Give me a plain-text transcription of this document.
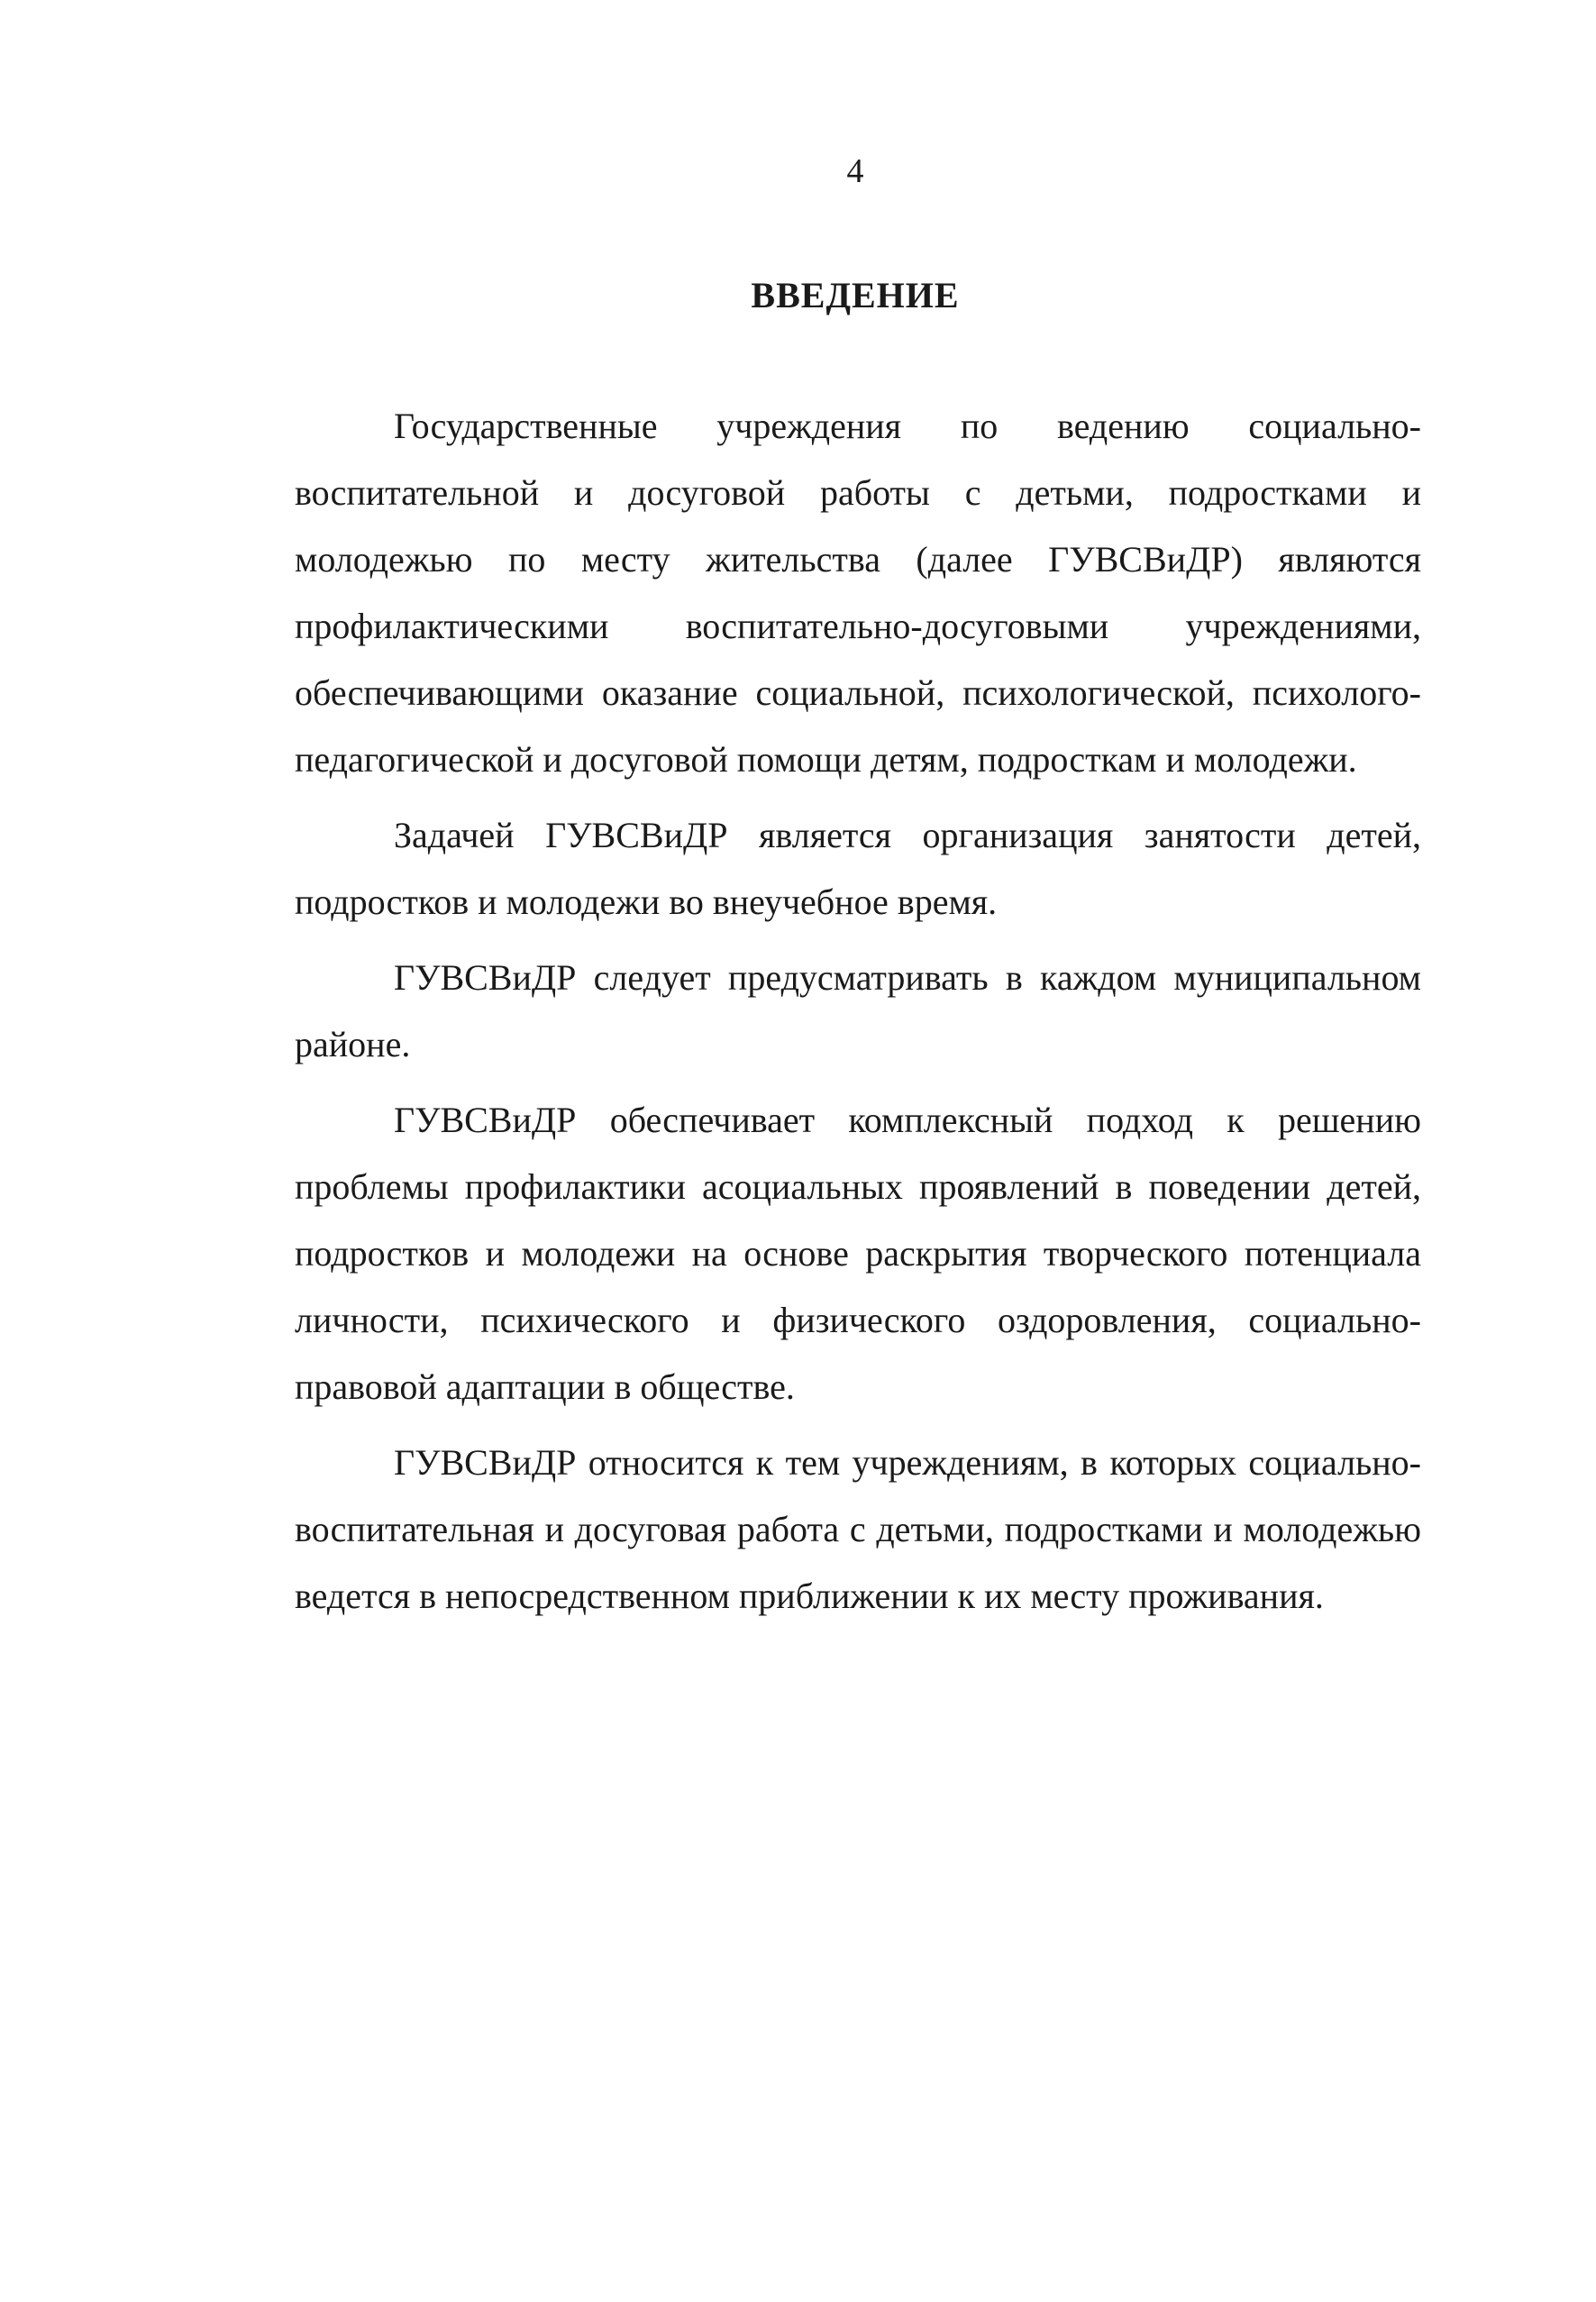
4
ВВЕДЕНИЕ

Государственные учреждения по ведению социально-воспитательной и досуговой работы с детьми, подростками и молодежью по месту жительства (далее ГУВСВиДР) являются профилактическими воспитательно-досуговыми учреждениями, обеспечивающими оказание социальной, психологической, психолого-педагогической и досуговой помощи детям, подросткам и молодежи.

Задачей ГУВСВиДР является организация занятости детей, подростков и молодежи во внеучебное время.

ГУВСВиДР следует предусматривать в каждом муниципальном районе.

ГУВСВиДР обеспечивает комплексный подход к решению проблемы профилактики асоциальных проявлений в поведении детей, подростков и молодежи на основе раскрытия творческого потенциала личности, психического и физического оздоровления, социально-правовой адаптации в обществе.

ГУВСВиДР относится к тем учреждениям, в которых социально-воспитательная и досуговая работа с детьми, подростками и молодежью ведется в непосредственном приближении к их месту проживания.
